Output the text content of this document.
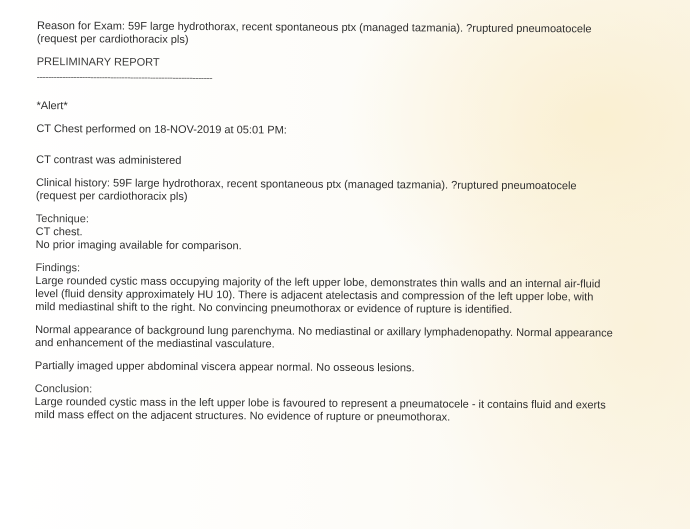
Reason for Exam: 59F large hydrothorax, recent spontaneous ptx (managed tazmania). ?ruptured pneumoatocele
(request per cardiothoracix pls)
PRELIMINARY REPORT
--------------------------------------------------------------
*Alert*
CT Chest performed on 18-NOV-2019 at 05:01 PM:
CT contrast was administered
Clinical history: 59F large hydrothorax, recent spontaneous ptx (managed tazmania). ?ruptured pneumoatocele
(request per cardiothoracix pls)
Technique:
CT chest.
No prior imaging available for comparison.
Findings:
Large rounded cystic mass occupying majority of the left upper lobe, demonstrates thin walls and an internal air-fluid
level (fluid density approximately HU 10). There is adjacent atelectasis and compression of the left upper lobe, with
mild mediastinal shift to the right. No convincing pneumothorax or evidence of rupture is identified.
Normal appearance of background lung parenchyma. No mediastinal or axillary lymphadenopathy. Normal appearance
and enhancement of the mediastinal vasculature.
Partially imaged upper abdominal viscera appear normal. No osseous lesions.
Conclusion:
Large rounded cystic mass in the left upper lobe is favoured to represent a pneumatocele - it contains fluid and exerts
mild mass effect on the adjacent structures. No evidence of rupture or pneumothorax.
